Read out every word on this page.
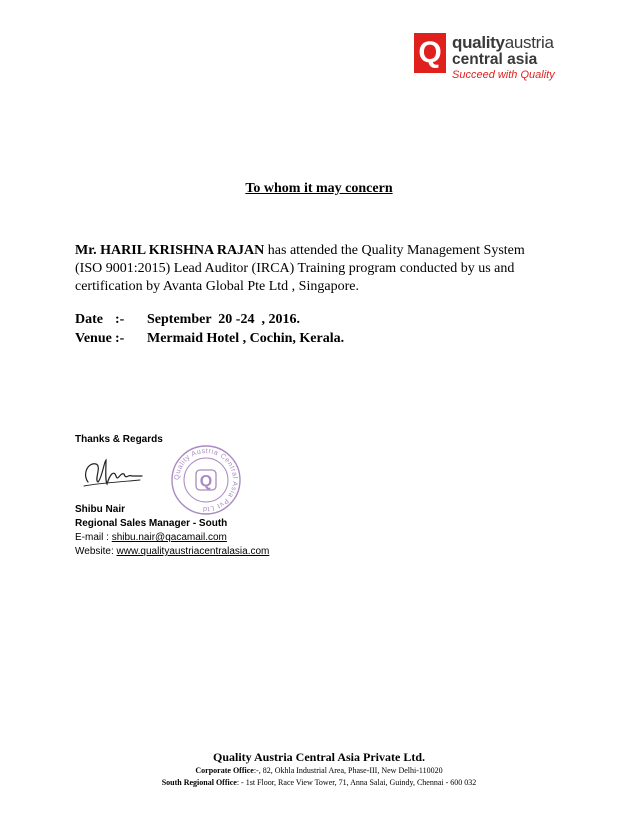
Q qualityaustria
central asia
Succeed with Quality
To whom it may concern
Mr. HARIL KRISHNA RAJAN has attended the Quality Management System (ISO 9001:2015) Lead Auditor (IRCA) Training program conducted by us and certification by Avanta Global Pte Ltd , Singapore.
Date :-	September  20 -24  , 2016.
Venue :-	Mermaid Hotel , Cochin, Kerala.
Thanks & Regards
Quality Austria Central Asia Pvt Ltd
Q
Shibu Nair
Regional Sales Manager - South
E-mail : shibu.nair@qacamail.com
Website: www.qualityaustriacentralasia.com
Quality Austria Central Asia Private Ltd.
Corporate Office:-, 82, Okhla Industrial Area, Phase-III, New Delhi-110020
South Regional Office: - 1st Floor, Race View Tower, 71, Anna Salai, Guindy, Chennai - 600 032
